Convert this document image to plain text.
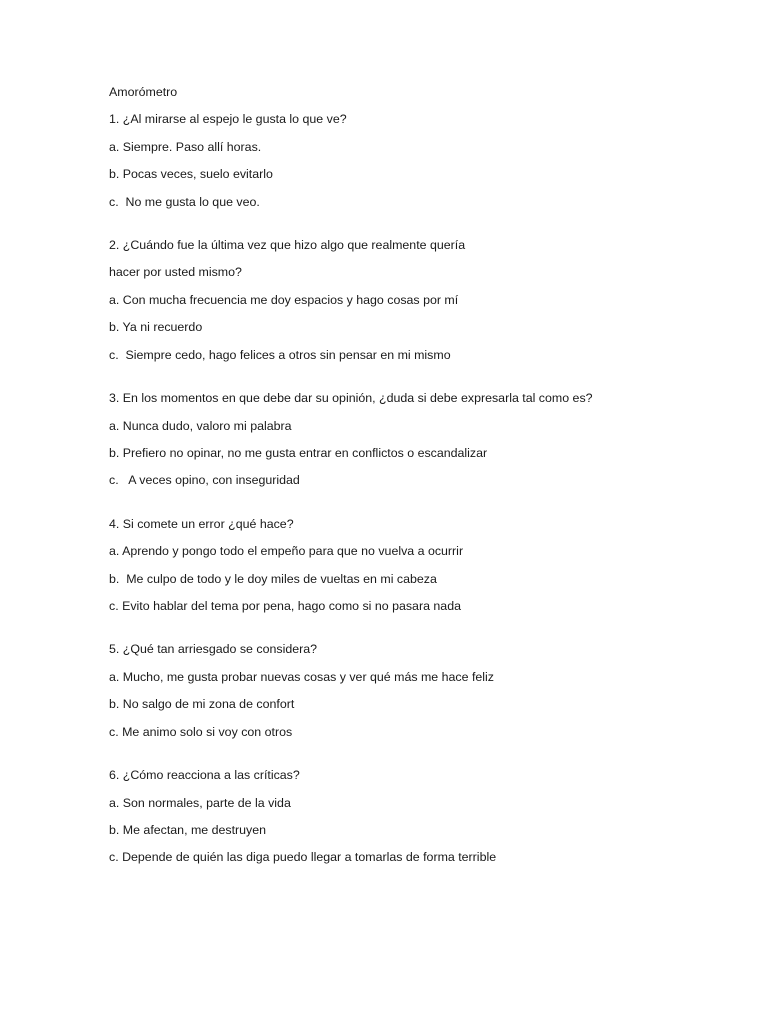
Amorómetro
1. ¿Al mirarse al espejo le gusta lo que ve?
a. Siempre. Paso allí horas.
b. Pocas veces, suelo evitarlo
c.  No me gusta lo que veo.
2. ¿Cuándo fue la última vez que hizo algo que realmente quería
hacer por usted mismo?
a. Con mucha frecuencia me doy espacios y hago cosas por mí
b. Ya ni recuerdo
c.  Siempre cedo, hago felices a otros sin pensar en mi mismo
3. En los momentos en que debe dar su opinión, ¿duda si debe expresarla tal como es?
a. Nunca dudo, valoro mi palabra
b. Prefiero no opinar, no me gusta entrar en conflictos o escandalizar
c.   A veces opino, con inseguridad
4. Si comete un error ¿qué hace?
a. Aprendo y pongo todo el empeño para que no vuelva a ocurrir
b.  Me culpo de todo y le doy miles de vueltas en mi cabeza
c. Evito hablar del tema por pena, hago como si no pasara nada
5. ¿Qué tan arriesgado se considera?
a. Mucho, me gusta probar nuevas cosas y ver qué más me hace feliz
b. No salgo de mi zona de confort
c. Me animo solo si voy con otros
6. ¿Cómo reacciona a las críticas?
a. Son normales, parte de la vida
b. Me afectan, me destruyen
c. Depende de quién las diga puedo llegar a tomarlas de forma terrible
